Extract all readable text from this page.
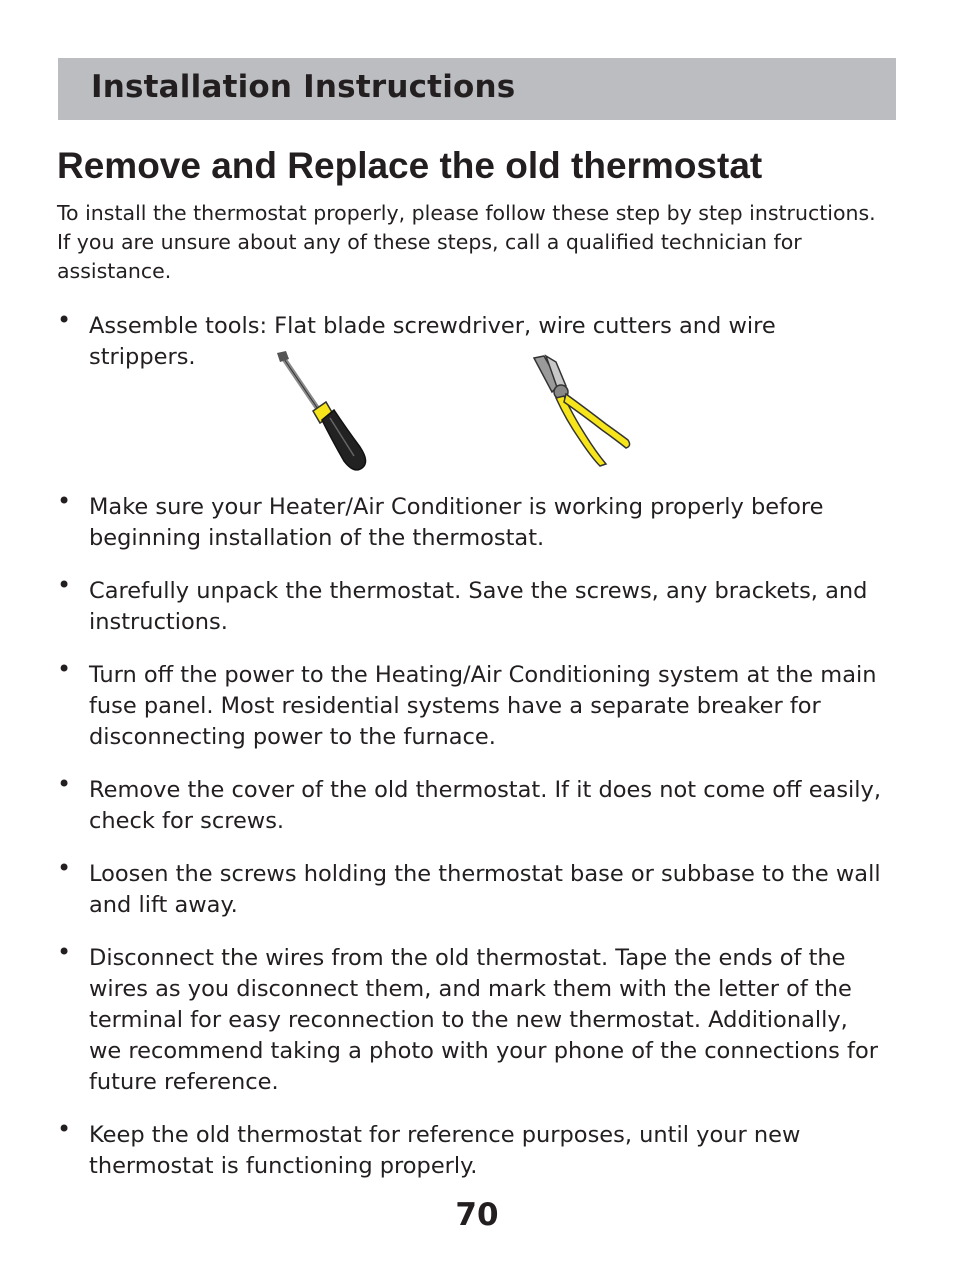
Installation Instructions
Remove and Replace the old thermostat

To install the thermostat properly, please follow these step by step instructions. If you are unsure about any of these steps, call a qualified technician for assistance.

• Assemble tools: Flat blade screwdriver, wire cutters and wire strippers.
• Make sure your Heater/Air Conditioner is working properly before beginning installation of the thermostat.
• Carefully unpack the thermostat. Save the screws, any brackets, and instructions.
• Turn off the power to the Heating/Air Conditioning system at the main fuse panel. Most residential systems have a separate breaker for disconnecting power to the furnace.
• Remove the cover of the old thermostat. If it does not come off easily, check for screws.
• Loosen the screws holding the thermostat base or subbase to the wall and lift away.
• Disconnect the wires from the old thermostat. Tape the ends of the wires as you disconnect them, and mark them with the letter of the terminal for easy reconnection to the new thermostat. Additionally, we recommend taking a photo with your phone of the connections for future reference.
• Keep the old thermostat for reference purposes, until your new thermostat is functioning properly.
70
